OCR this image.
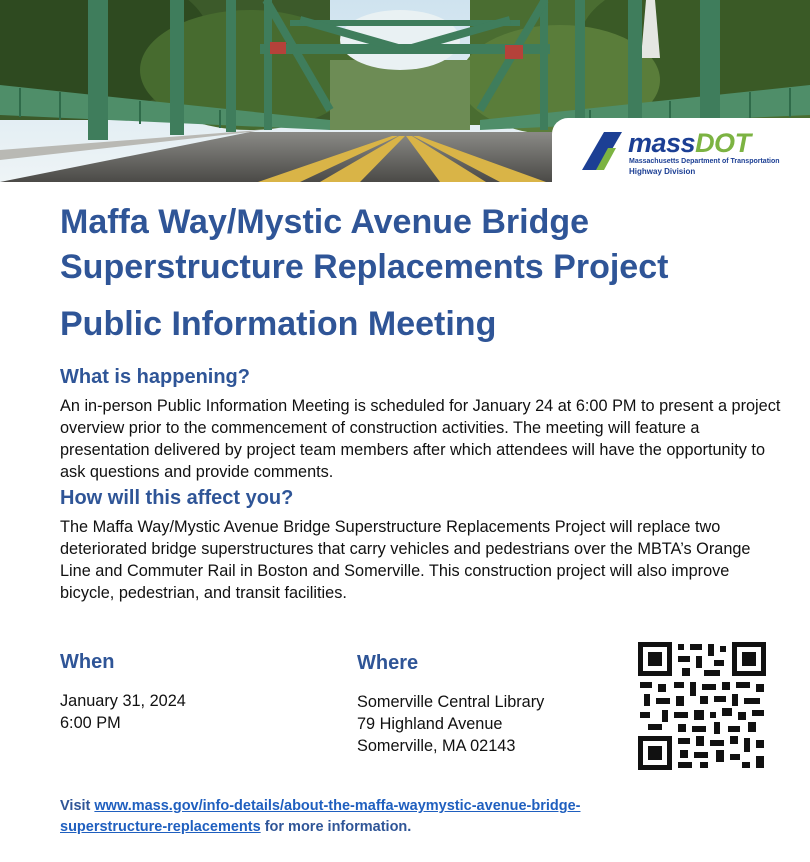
massDOT
Massachusetts Department of Transportation
Highway Division
Maffa Way/Mystic Avenue Bridge Superstructure Replacements Project
Public Information Meeting
What is happening?

An in-person Public Information Meeting is scheduled for January 24 at 6:00 PM to present a project overview prior to the commencement of construction activities. The meeting will feature a presentation delivered by project team members after which attendees will have the opportunity to ask questions and provide comments.

How will this affect you?

The Maffa Way/Mystic Avenue Bridge Superstructure Replacements Project will replace two deteriorated bridge superstructures that carry vehicles and pedestrians over the MBTA’s Orange Line and Commuter Rail in Boston and Somerville. This construction project will also improve bicycle, pedestrian, and transit facilities.

When
January 31, 2024
6:00 PM
Where
Somerville Central Library
79 Highland Avenue
Somerville, MA 02143
Visit www.mass.gov/info-details/about-the-maffa-waymystic-avenue-bridge-
superstructure-replacements for more information.
